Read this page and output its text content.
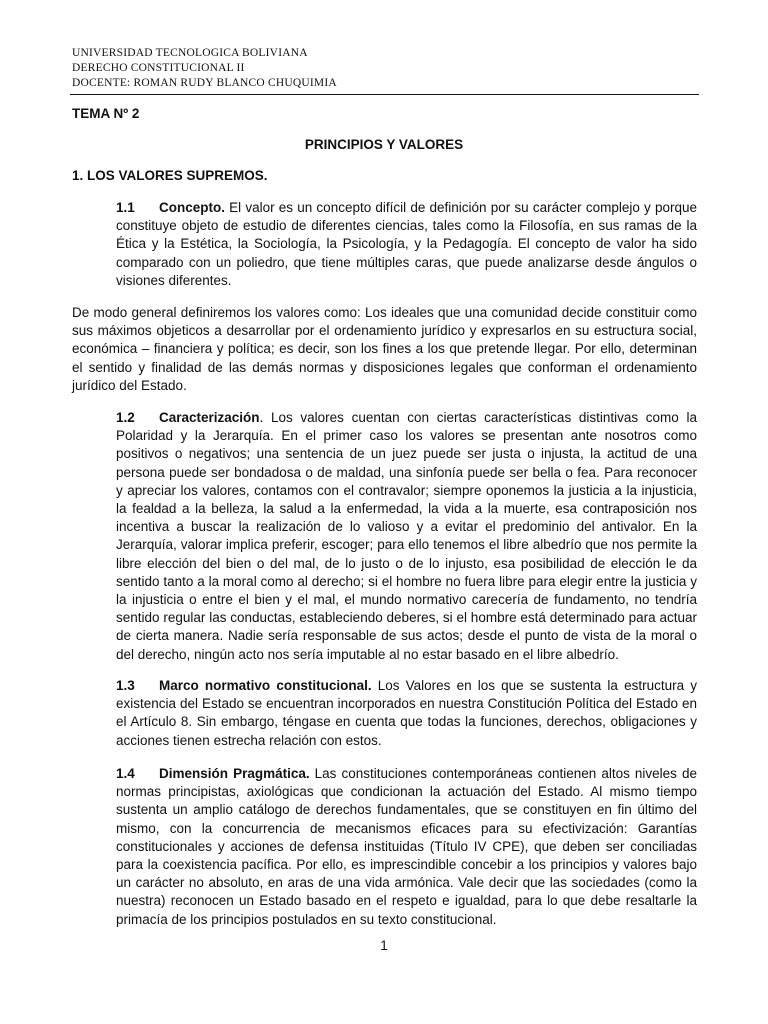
UNIVERSIDAD TECNOLOGICA BOLIVIANA
DERECHO CONSTITUCIONAL II
DOCENTE: ROMAN RUDY BLANCO CHUQUIMIA
TEMA Nº 2
PRINCIPIOS Y VALORES
1. LOS VALORES SUPREMOS.
1.1 Concepto. El valor es un concepto difícil de definición por su carácter complejo y porque constituye objeto de estudio de diferentes ciencias, tales como la Filosofía, en sus ramas de la Ética y la Estética, la Sociología, la Psicología, y la Pedagogía. El concepto de valor ha sido comparado con un poliedro, que tiene múltiples caras, que puede analizarse desde ángulos o visiones diferentes.
De modo general definiremos los valores como: Los ideales que una comunidad decide constituir como sus máximos objeticos a desarrollar por el ordenamiento jurídico y expresarlos en su estructura social, económica – financiera y política; es decir, son los fines a los que pretende llegar. Por ello, determinan el sentido y finalidad de las demás normas y disposiciones legales que conforman el ordenamiento jurídico del Estado.
1.2 Caracterización. Los valores cuentan con ciertas características distintivas como la Polaridad y la Jerarquía. En el primer caso los valores se presentan ante nosotros como positivos o negativos; una sentencia de un juez puede ser justa o injusta, la actitud de una persona puede ser bondadosa o de maldad, una sinfonía puede ser bella o fea. Para reconocer y apreciar los valores, contamos con el contravalor; siempre oponemos la justicia a la injusticia, la fealdad a la belleza, la salud a la enfermedad, la vida a la muerte, esa contraposición nos incentiva a buscar la realización de lo valioso y a evitar el predominio del antivalor. En la Jerarquía, valorar implica preferir, escoger; para ello tenemos el libre albedrío que nos permite la libre elección del bien o del mal, de lo justo o de lo injusto, esa posibilidad de elección le da sentido tanto a la moral como al derecho; si el hombre no fuera libre para elegir entre la justicia y la injusticia o entre el bien y el mal, el mundo normativo carecería de fundamento, no tendría sentido regular las conductas, estableciendo deberes, si el hombre está determinado para actuar de cierta manera. Nadie sería responsable de sus actos; desde el punto de vista de la moral o del derecho, ningún acto nos sería imputable al no estar basado en el libre albedrío.
1.3 Marco normativo constitucional. Los Valores en los que se sustenta la estructura y existencia del Estado se encuentran incorporados en nuestra Constitución Política del Estado en el Artículo 8. Sin embargo, téngase en cuenta que todas la funciones, derechos, obligaciones y acciones tienen estrecha relación con estos.
1.4 Dimensión Pragmática. Las constituciones contemporáneas contienen altos niveles de normas principistas, axiológicas que condicionan la actuación del Estado. Al mismo tiempo sustenta un amplio catálogo de derechos fundamentales, que se constituyen en fin último del mismo, con la concurrencia de mecanismos eficaces para su efectivización: Garantías constitucionales y acciones de defensa instituidas (Título IV CPE), que deben ser conciliadas para la coexistencia pacífica. Por ello, es imprescindible concebir a los principios y valores bajo un carácter no absoluto, en aras de una vida armónica. Vale decir que las sociedades (como la nuestra) reconocen un Estado basado en el respeto e igualdad, para lo que debe resaltarle la primacía de los principios postulados en su texto constitucional.
1
